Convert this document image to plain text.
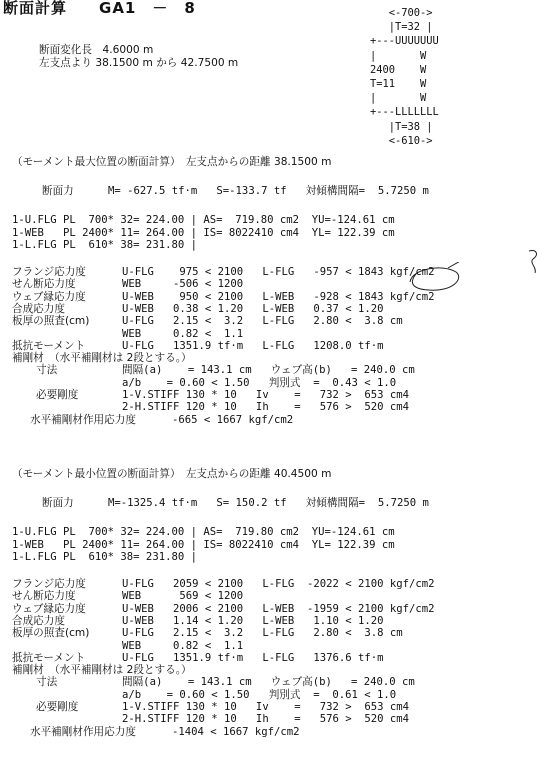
断面計算　　GA1　－　8
断面変化長　4.6000 m
左支点より 38.1500 m から 42.7500 m
<-700->
|T=32 |
+---UUUUUUU
|       W
2400    W
T=11    W
|       W
+---LLLLLLL
|T=38 |
<-610->
（モーメント最大位置の断面計算）　左支点からの距離 38.1500 m
断面力	M= -627.5 tf·m   S=-133.7 tf   対傾構間隔=  5.7250 m
1-U.FLG PL  700* 32= 224.00 | AS=  719.80 cm2  YU=-124.61 cm
1-WEB   PL 2400* 11= 264.00 | IS= 8022410 cm4  YL= 122.39 cm
1-L.FLG PL  610* 38= 231.80 |
フランジ応力度
せん断応力度
ウェブ縁応力度
合成応力度
板厚の照査(cm)
抵抗モーメント
補剛材　（水平補剛材は 2段とする。）
U-FLG    975 < 2100   L-FLG   -957 < 1843 kgf/cm2
WEB     -506 < 1200
U-WEB    950 < 2100   L-WEB   -928 < 1843 kgf/cm2
U-WEB   0.38 < 1.20   L-WEB   0.37 < 1.20
U-FLG   2.15 <  3.2   L-FLG   2.80 <  3.8 cm
WEB     0.82 <  1.1
U-FLG   1351.9 tf·m   L-FLG   1208.0 tf·m
寸法
必要剛度
水平補剛材作用応力度
間隔(a)    = 143.1 cm   ウェブ高(b)   = 240.0 cm
a/b    = 0.60 < 1.50   判別式  =  0.43 < 1.0
1-V.STIFF 130 * 10   Iv    =   732 >  653 cm4
2-H.STIFF 120 * 10   Ih    =   576 >  520 cm4
-665 < 1667 kgf/cm2
（モーメント最小位置の断面計算）　左支点からの距離 40.4500 m
断面力	M=-1325.4 tf·m   S= 150.2 tf   対傾構間隔=  5.7250 m
1-U.FLG PL  700* 32= 224.00 | AS=  719.80 cm2  YU=-124.61 cm
1-WEB   PL 2400* 11= 264.00 | IS= 8022410 cm4  YL= 122.39 cm
1-L.FLG PL  610* 38= 231.80 |
フランジ応力度
せん断応力度
ウェブ縁応力度
合成応力度
板厚の照査(cm)
抵抗モーメント
補剛材　（水平補剛材は 2段とする。）
U-FLG   2059 < 2100   L-FLG  -2022 < 2100 kgf/cm2
WEB      569 < 1200
U-WEB   2006 < 2100   L-WEB  -1959 < 2100 kgf/cm2
U-WEB   1.14 < 1.20   L-WEB   1.10 < 1.20
U-FLG   2.15 <  3.2   L-FLG   2.80 <  3.8 cm
WEB     0.82 <  1.1
U-FLG   1351.9 tf·m   L-FLG   1376.6 tf·m
寸法
必要剛度
水平補剛材作用応力度
間隔(a)    = 143.1 cm   ウェブ高(b)   = 240.0 cm
a/b    = 0.60 < 1.50   判別式  =  0.61 < 1.0
1-V.STIFF 130 * 10   Iv    =   732 >  653 cm4
2-H.STIFF 120 * 10   Ih    =   576 >  520 cm4
-1404 < 1667 kgf/cm2
